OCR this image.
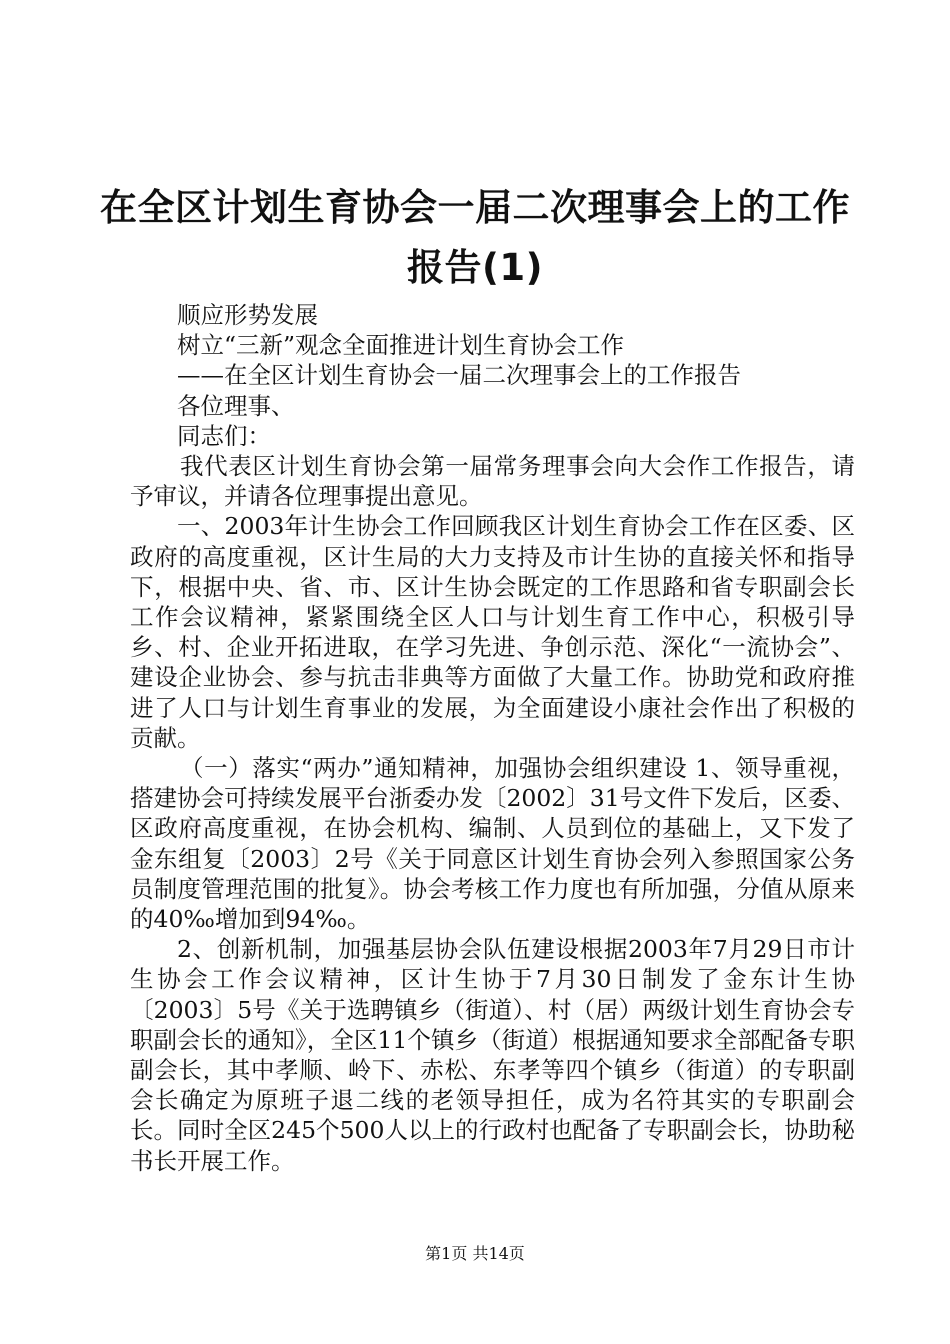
在全区计划生育协会一届二次理事会上的工作
报告(1)

顺应形势发展

树立“三新”观念全面推进计划生育协会工作

——在全区计划生育协会一届二次理事会上的工作报告

各位理事、

同志们：

我代表区计划生育协会第一届常务理事会向大会作工作报告，请予审议，并请各位理事提出意见。

一、2003年计生协会工作回顾我区计划生育协会工作在区委、区政府的高度重视，区计生局的大力支持及市计生协的直接关怀和指导下，根据中央、省、市、区计生协会既定的工作思路和省专职副会长工作会议精神，紧紧围绕全区人口与计划生育工作中心，积极引导乡、村、企业开拓进取，在学习先进、争创示范、深化“一流协会”、建设企业协会、参与抗击非典等方面做了大量工作。协助党和政府推进了人口与计划生育事业的发展，为全面建设小康社会作出了积极的贡献。

（一）落实“两办”通知精神，加强协会组织建设 1、领导重视，搭建协会可持续发展平台浙委办发〔2002〕31号文件下发后，区委、区政府高度重视，在协会机构、编制、人员到位的基础上，又下发了金东组复〔2003〕2号《关于同意区计划生育协会列入参照国家公务员制度管理范围的批复》。协会考核工作力度也有所加强，分值从原来的40‰增加到94‰。

2、创新机制，加强基层协会队伍建设根据2003年7月29日市计生协会工作会议精神，区计生协于7月30日制发了金东计生协〔2003〕5号《关于选聘镇乡（街道）、村（居）两级计划生育协会专职副会长的通知》，全区11个镇乡（街道）根据通知要求全部配备专职副会长，其中孝顺、岭下、赤松、东孝等四个镇乡（街道）的专职副会长确定为原班子退二线的老领导担任，成为名符其实的专职副会长。同时全区245个500人以上的行政村也配备了专职副会长，协助秘书长开展工作。

第1页 共14页
